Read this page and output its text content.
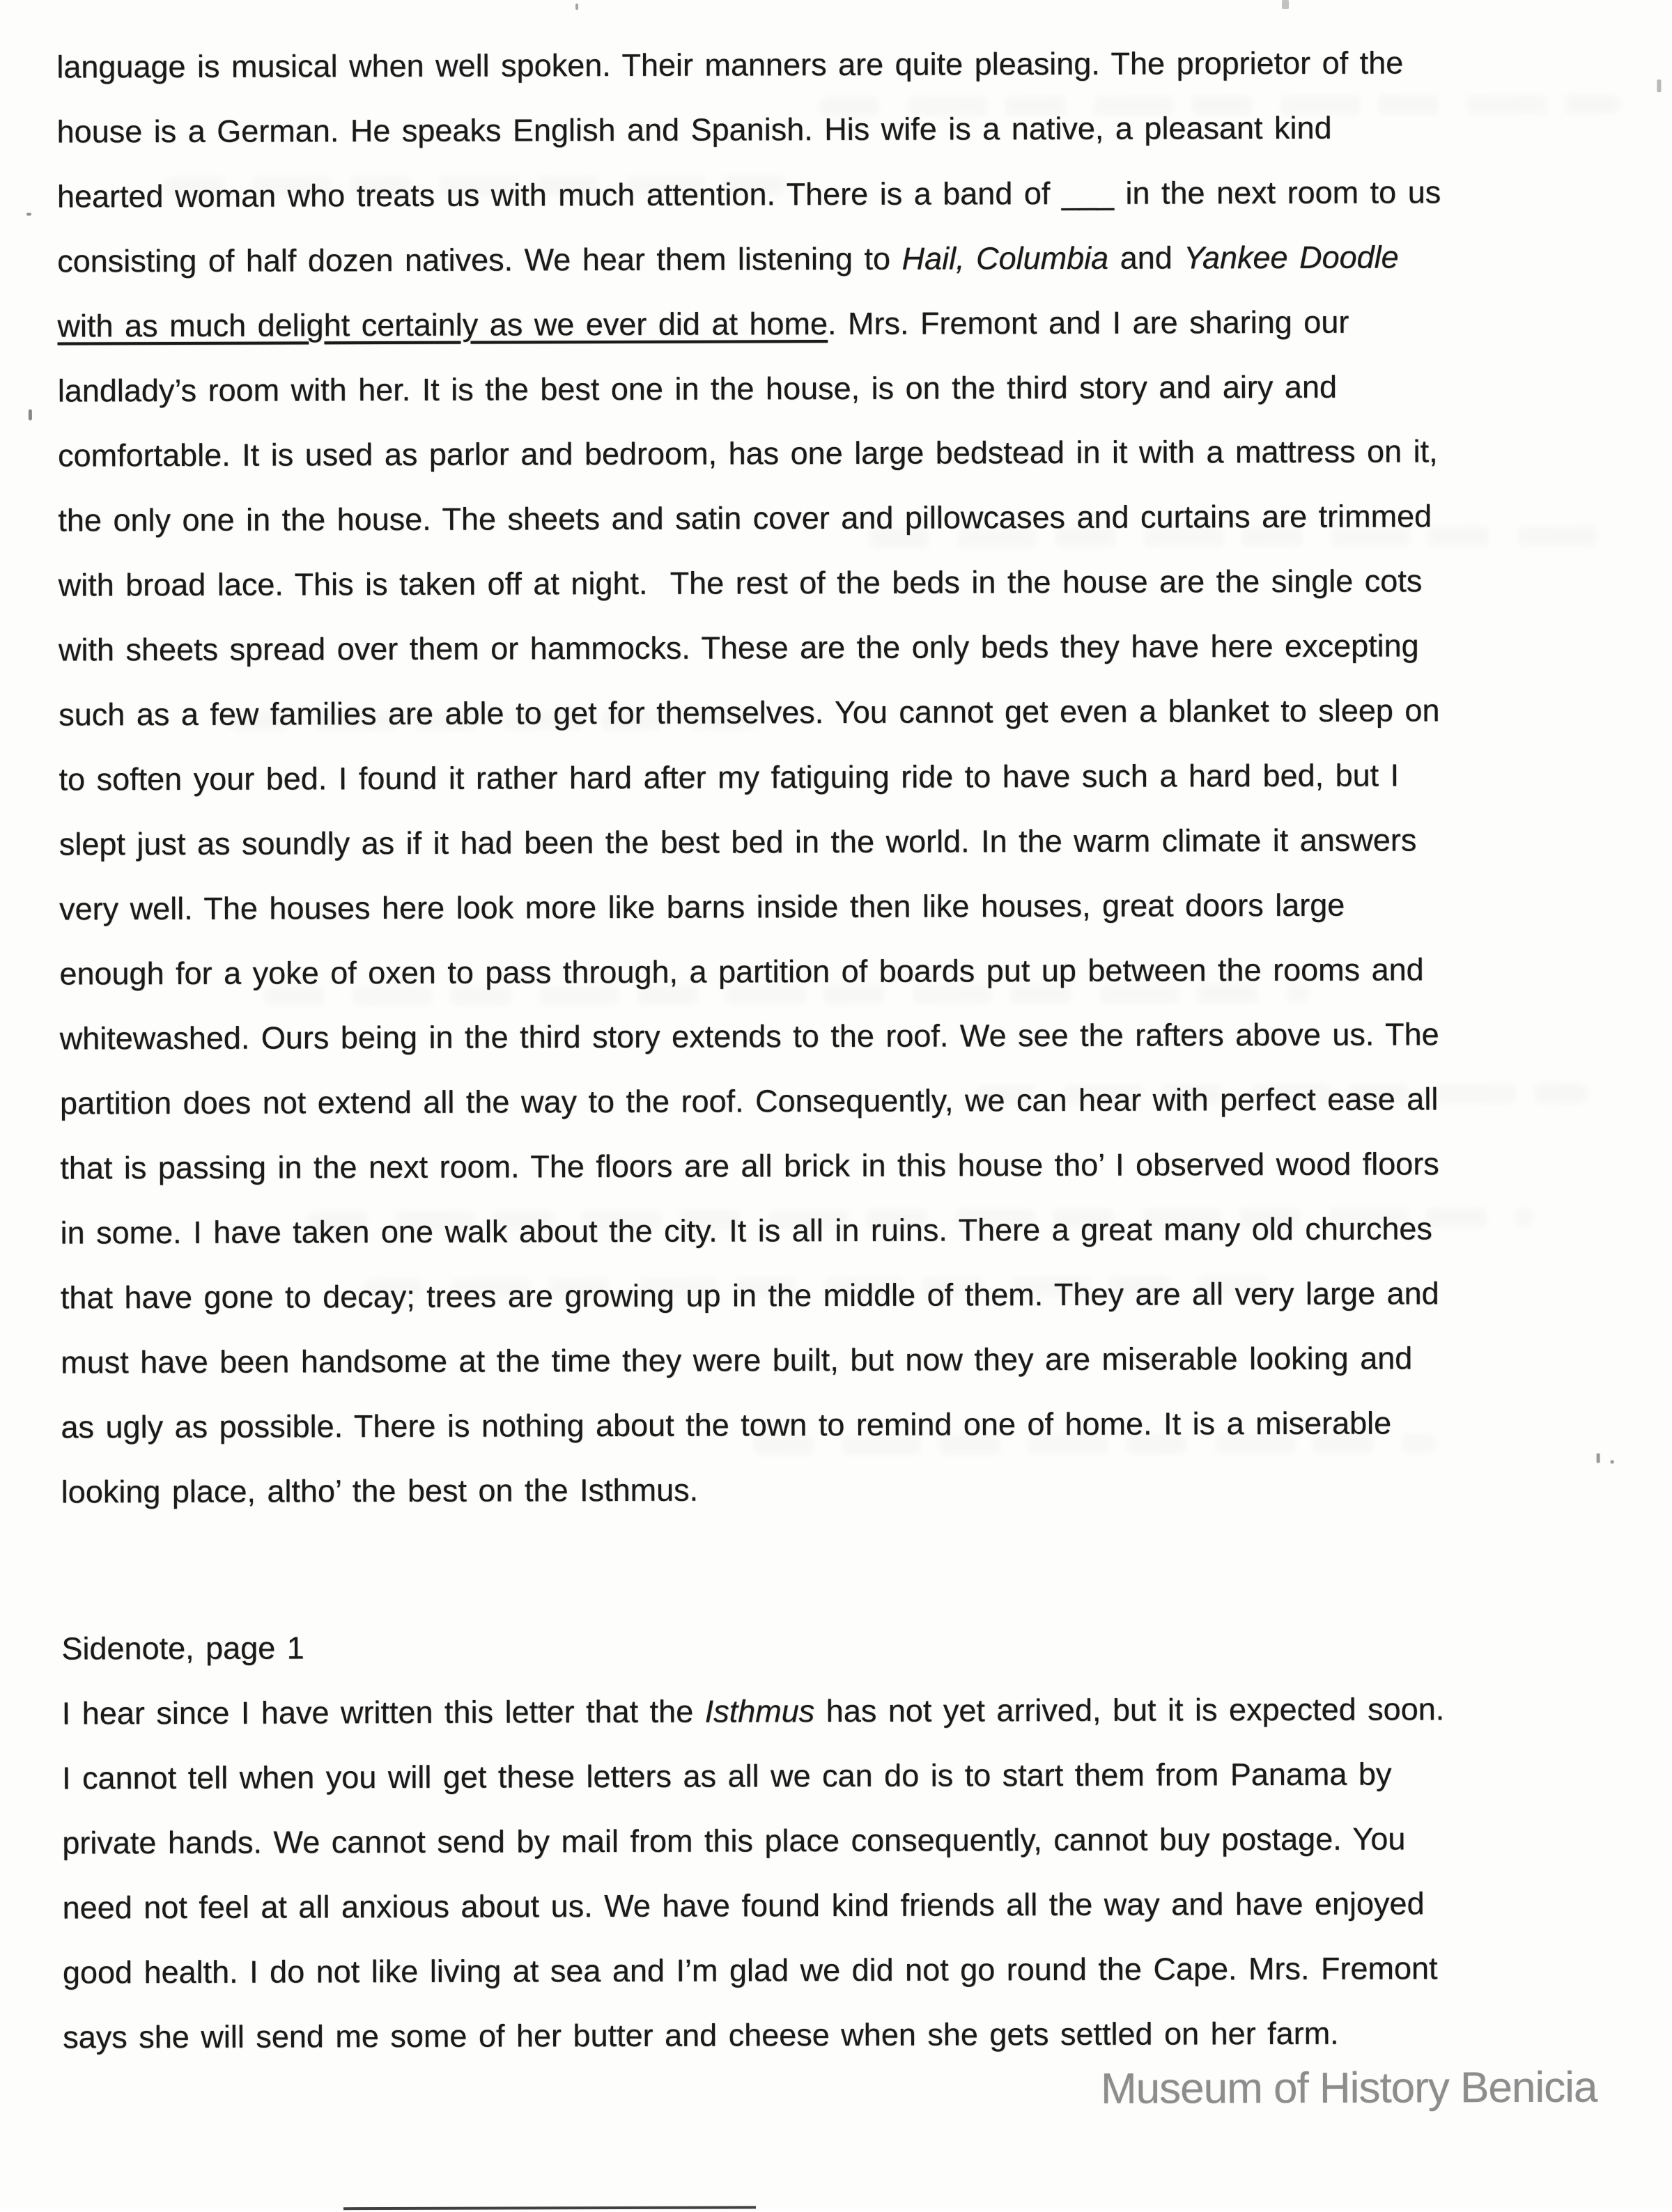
language is musical when well spoken. Their manners are quite pleasing. The proprietor of the
house is a German. He speaks English and Spanish. His wife is a native, a pleasant kind
hearted woman who treats us with much attention. There is a band of ___ in the next room to us
consisting of half dozen natives. We hear them listening to Hail, Columbia and Yankee Doodle
with as much delight certainly as we ever did at home. Mrs. Fremont and I are sharing our
landlady’s room with her. It is the best one in the house, is on the third story and airy and
comfortable. It is used as parlor and bedroom, has one large bedstead in it with a mattress on it,
the only one in the house. The sheets and satin cover and pillowcases and curtains are trimmed
with broad lace. This is taken off at night.  The rest of the beds in the house are the single cots
with sheets spread over them or hammocks. These are the only beds they have here excepting
such as a few families are able to get for themselves. You cannot get even a blanket to sleep on
to soften your bed. I found it rather hard after my fatiguing ride to have such a hard bed, but I
slept just as soundly as if it had been the best bed in the world. In the warm climate it answers
very well. The houses here look more like barns inside then like houses, great doors large
enough for a yoke of oxen to pass through, a partition of boards put up between the rooms and
whitewashed. Ours being in the third story extends to the roof. We see the rafters above us. The
partition does not extend all the way to the roof. Consequently, we can hear with perfect ease all
that is passing in the next room. The floors are all brick in this house tho’ I observed wood floors
in some. I have taken one walk about the city. It is all in ruins. There a great many old churches
that have gone to decay; trees are growing up in the middle of them. They are all very large and
must have been handsome at the time they were built, but now they are miserable looking and
as ugly as possible. There is nothing about the town to remind one of home. It is a miserable
looking place, altho’ the best on the Isthmus.
Sidenote, page 1
I hear since I have written this letter that the Isthmus has not yet arrived, but it is expected soon.
I cannot tell when you will get these letters as all we can do is to start them from Panama by
private hands. We cannot send by mail from this place consequently, cannot buy postage. You
need not feel at all anxious about us. We have found kind friends all the way and have enjoyed
good health. I do not like living at sea and I’m glad we did not go round the Cape. Mrs. Fremont
says she will send me some of her butter and cheese when she gets settled on her farm.
Museum of History Benicia
